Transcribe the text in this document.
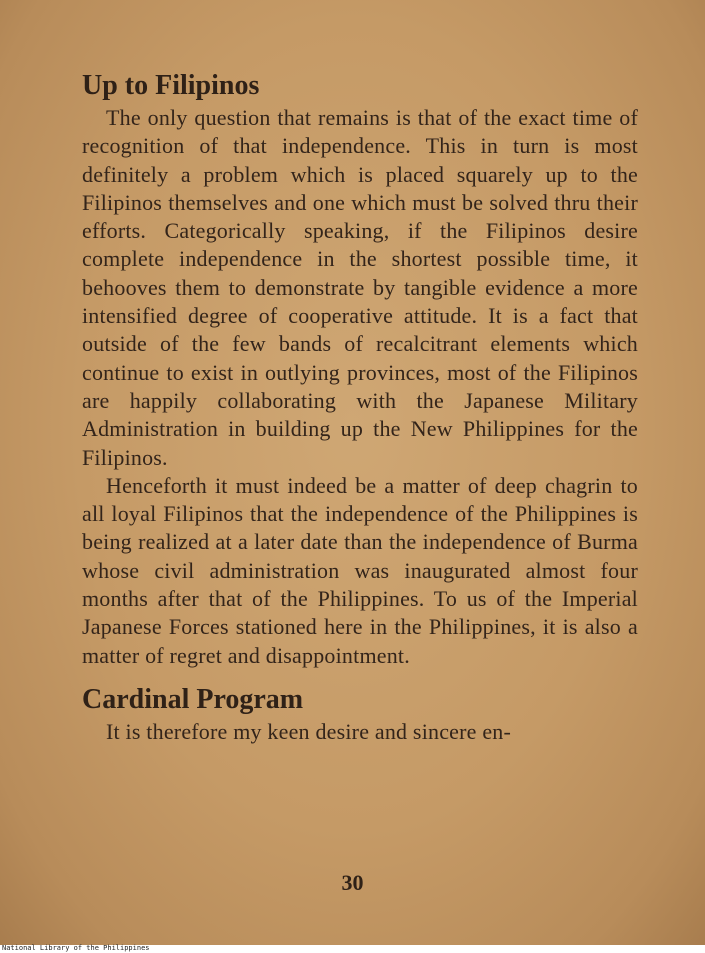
Up to Filipinos

The only question that remains is that of the exact time of recognition of that independence. This in turn is most definitely a problem which is placed squarely up to the Filipinos themselves and one which must be solved thru their efforts. Categorically speaking, if the Filipinos desire complete independence in the shortest possible time, it behooves them to demonstrate by tangible evidence a more intensified degree of cooperative attitude. It is a fact that outside of the few bands of recalcitrant elements which continue to exist in outlying provinces, most of the Filipinos are happily collaborating with the Japanese Military Administration in building up the New Philippines for the Filipinos.

Henceforth it must indeed be a matter of deep chagrin to all loyal Filipinos that the independence of the Philippines is being realized at a later date than the independence of Burma whose civil administration was inaugurated almost four months after that of the Philippines. To us of the Imperial Japanese Forces stationed here in the Philippines, it is also a matter of regret and disappointment.

Cardinal Program

It is therefore my keen desire and sincere en-

30
National Library of the Philippines
